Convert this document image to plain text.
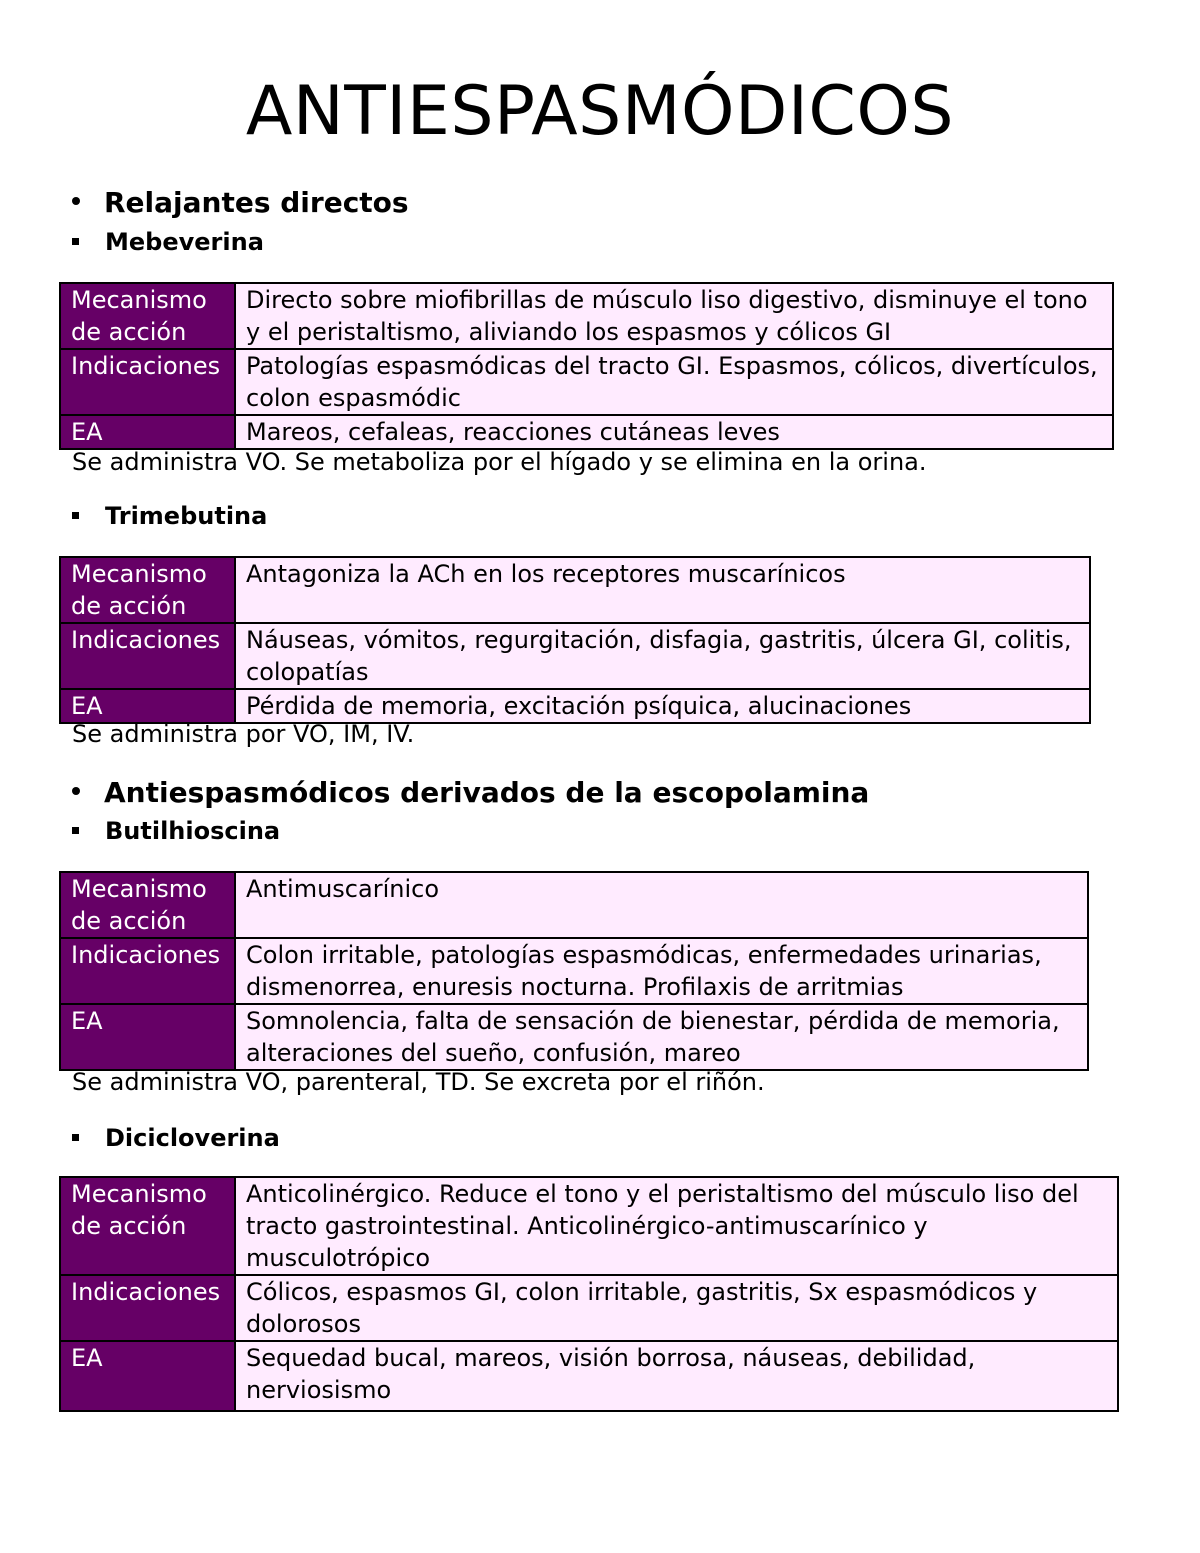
ANTIESPASMÓDICOS

Relajantes directos

Mebeverina

Mecanismo de acción	Directo sobre miofibrillas de músculo liso digestivo, disminuye el tono y el peristaltismo, aliviando los espasmos y cólicos GI
Indicaciones	Patologías espasmódicas del tracto GI. Espasmos, cólicos, divertículos, colon espasmódic
EA	Mareos, cefaleas, reacciones cutáneas leves

Se administra VO. Se metaboliza por el hígado y se elimina en la orina.

Trimebutina

Mecanismo de acción	Antagoniza la ACh en los receptores muscarínicos
Indicaciones	Náuseas, vómitos, regurgitación, disfagia, gastritis, úlcera GI, colitis, colopatías
EA	Pérdida de memoria, excitación psíquica, alucinaciones

Se administra por VO, IM, IV.

Antiespasmódicos derivados de la escopolamina

Butilhioscina

Mecanismo de acción	Antimuscarínico
Indicaciones	Colon irritable, patologías espasmódicas, enfermedades urinarias, dismenorrea, enuresis nocturna. Profilaxis de arritmias
EA	Somnolencia, falta de sensación de bienestar, pérdida de memoria, alteraciones del sueño, confusión, mareo

Se administra VO, parenteral, TD. Se excreta por el riñón.

Dicicloverina

Mecanismo de acción	Anticolinérgico. Reduce el tono y el peristaltismo del músculo liso del tracto gastrointestinal. Anticolinérgico-antimuscarínico y musculotrópico
Indicaciones	Cólicos, espasmos GI, colon irritable, gastritis, Sx espasmódicos y dolorosos
EA	Sequedad bucal, mareos, visión borrosa, náuseas, debilidad, nerviosismo
